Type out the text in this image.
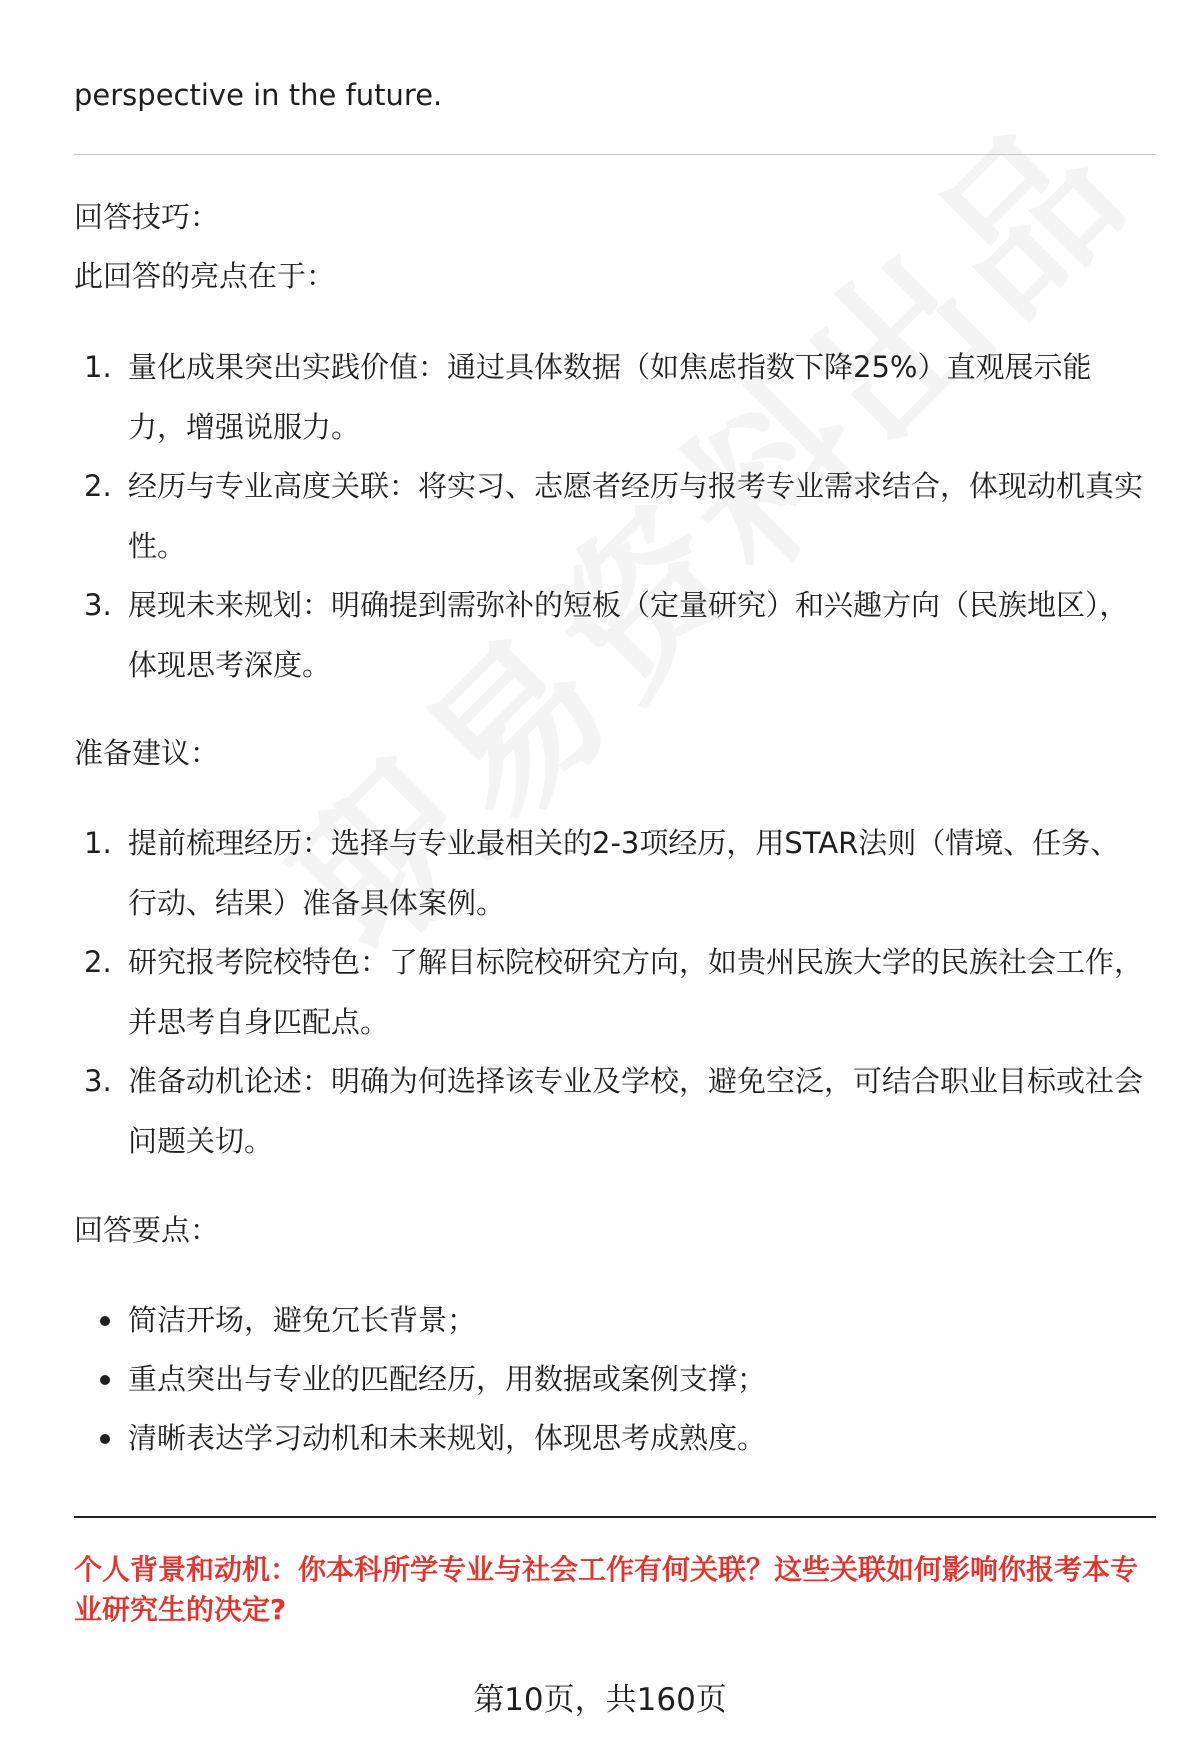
perspective in the future.
回答技巧：
此回答的亮点在于：
1. 量化成果突出实践价值：通过具体数据（如焦虑指数下降25%）直观展示能力，增强说服力。
2. 经历与专业高度关联：将实习、志愿者经历与报考专业需求结合，体现动机真实性。
3. 展现未来规划：明确提到需弥补的短板（定量研究）和兴趣方向（民族地区），体现思考深度。
准备建议：
1. 提前梳理经历：选择与专业最相关的2-3项经历，用STAR法则（情境、任务、行动、结果）准备具体案例。
2. 研究报考院校特色：了解目标院校研究方向，如贵州民族大学的民族社会工作，并思考自身匹配点。
3. 准备动机论述：明确为何选择该专业及学校，避免空泛，可结合职业目标或社会问题关切。
回答要点：
简洁开场，避免冗长背景；
重点突出与专业的匹配经历，用数据或案例支撑；
清晰表达学习动机和未来规划，体现思考成熟度。
个人背景和动机：你本科所学专业与社会工作有何关联？这些关联如何影响你报考本专业研究生的决定?
第10页，共160页
